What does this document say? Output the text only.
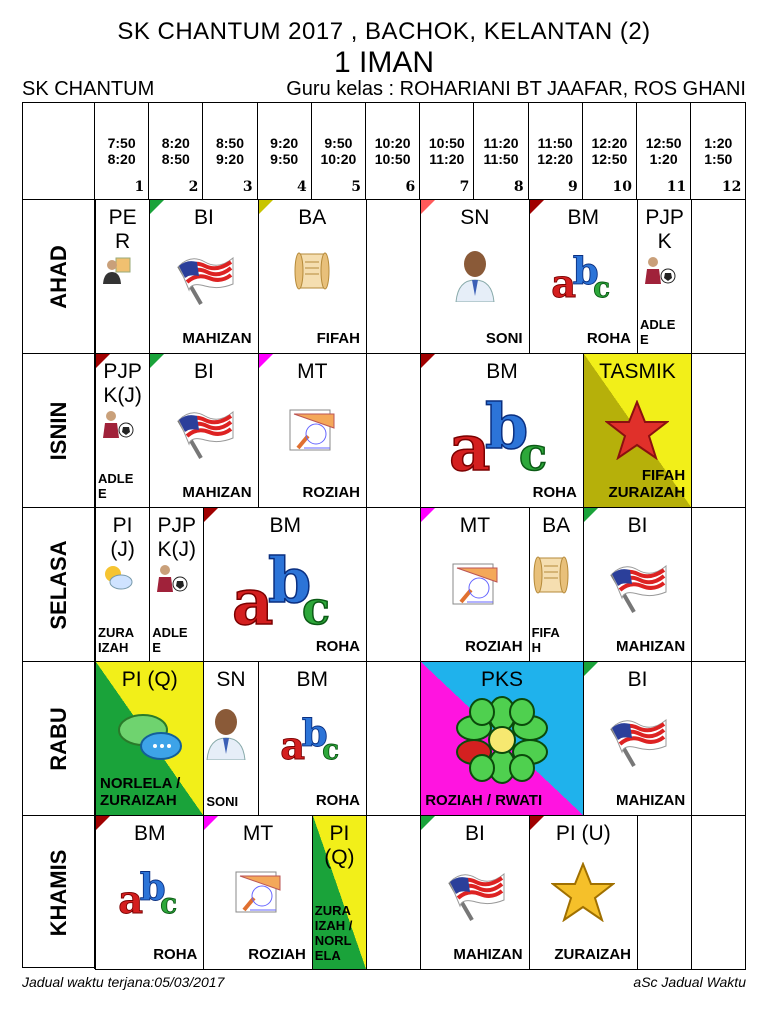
SK CHANTUM 2017 , BACHOK, KELANTAN (2)
1 IMAN
SK CHANTUM	Guru kelas : ROHARIANI BT JAAFAR, ROS GHANI
7:50
8:20
1
8:20
8:50
2
8:50
9:20
3
9:20
9:50
4
9:50
10:20
5
10:20
10:50
6
10:50
11:20
7
11:20
11:50
8
11:50
12:20
9
12:20
12:50
10
12:50
1:20
11
1:20
1:50
12
AHAD
ISNIN
SELASA
RABU
KHAMIS
PE
R
BI
MAHIZAN
BA
FIFAH
SN
SONI
BM
a
b
c
ROHA
PJP
K
ADLE
E
PJP
K(J)
ADLE
E
BI
MAHIZAN
MT
ROZIAH
BM
a
b
c
ROHA
TASMIK
FIFAH
ZURAIZAH
PI
(J)
ZURA
IZAH
PJP
K(J)
ADLE
E
BM
a
b
c
ROHA
MT
ROZIAH
BA
FIFA
H
BI
MAHIZAN
PI (Q)
NORLELA /
ZURAIZAH
SN
SONI
BM
a
b
c
ROHA
PKS
ROZIAH / RWATI
BI
MAHIZAN
BM
a
b
c
ROHA
MT
ROZIAH
PI
(Q)
ZURA
IZAH /
NORL
ELA
BI
MAHIZAN
PI (U)
ZURAIZAH
Jadual waktu terjana:05/03/2017	aSc Jadual Waktu
